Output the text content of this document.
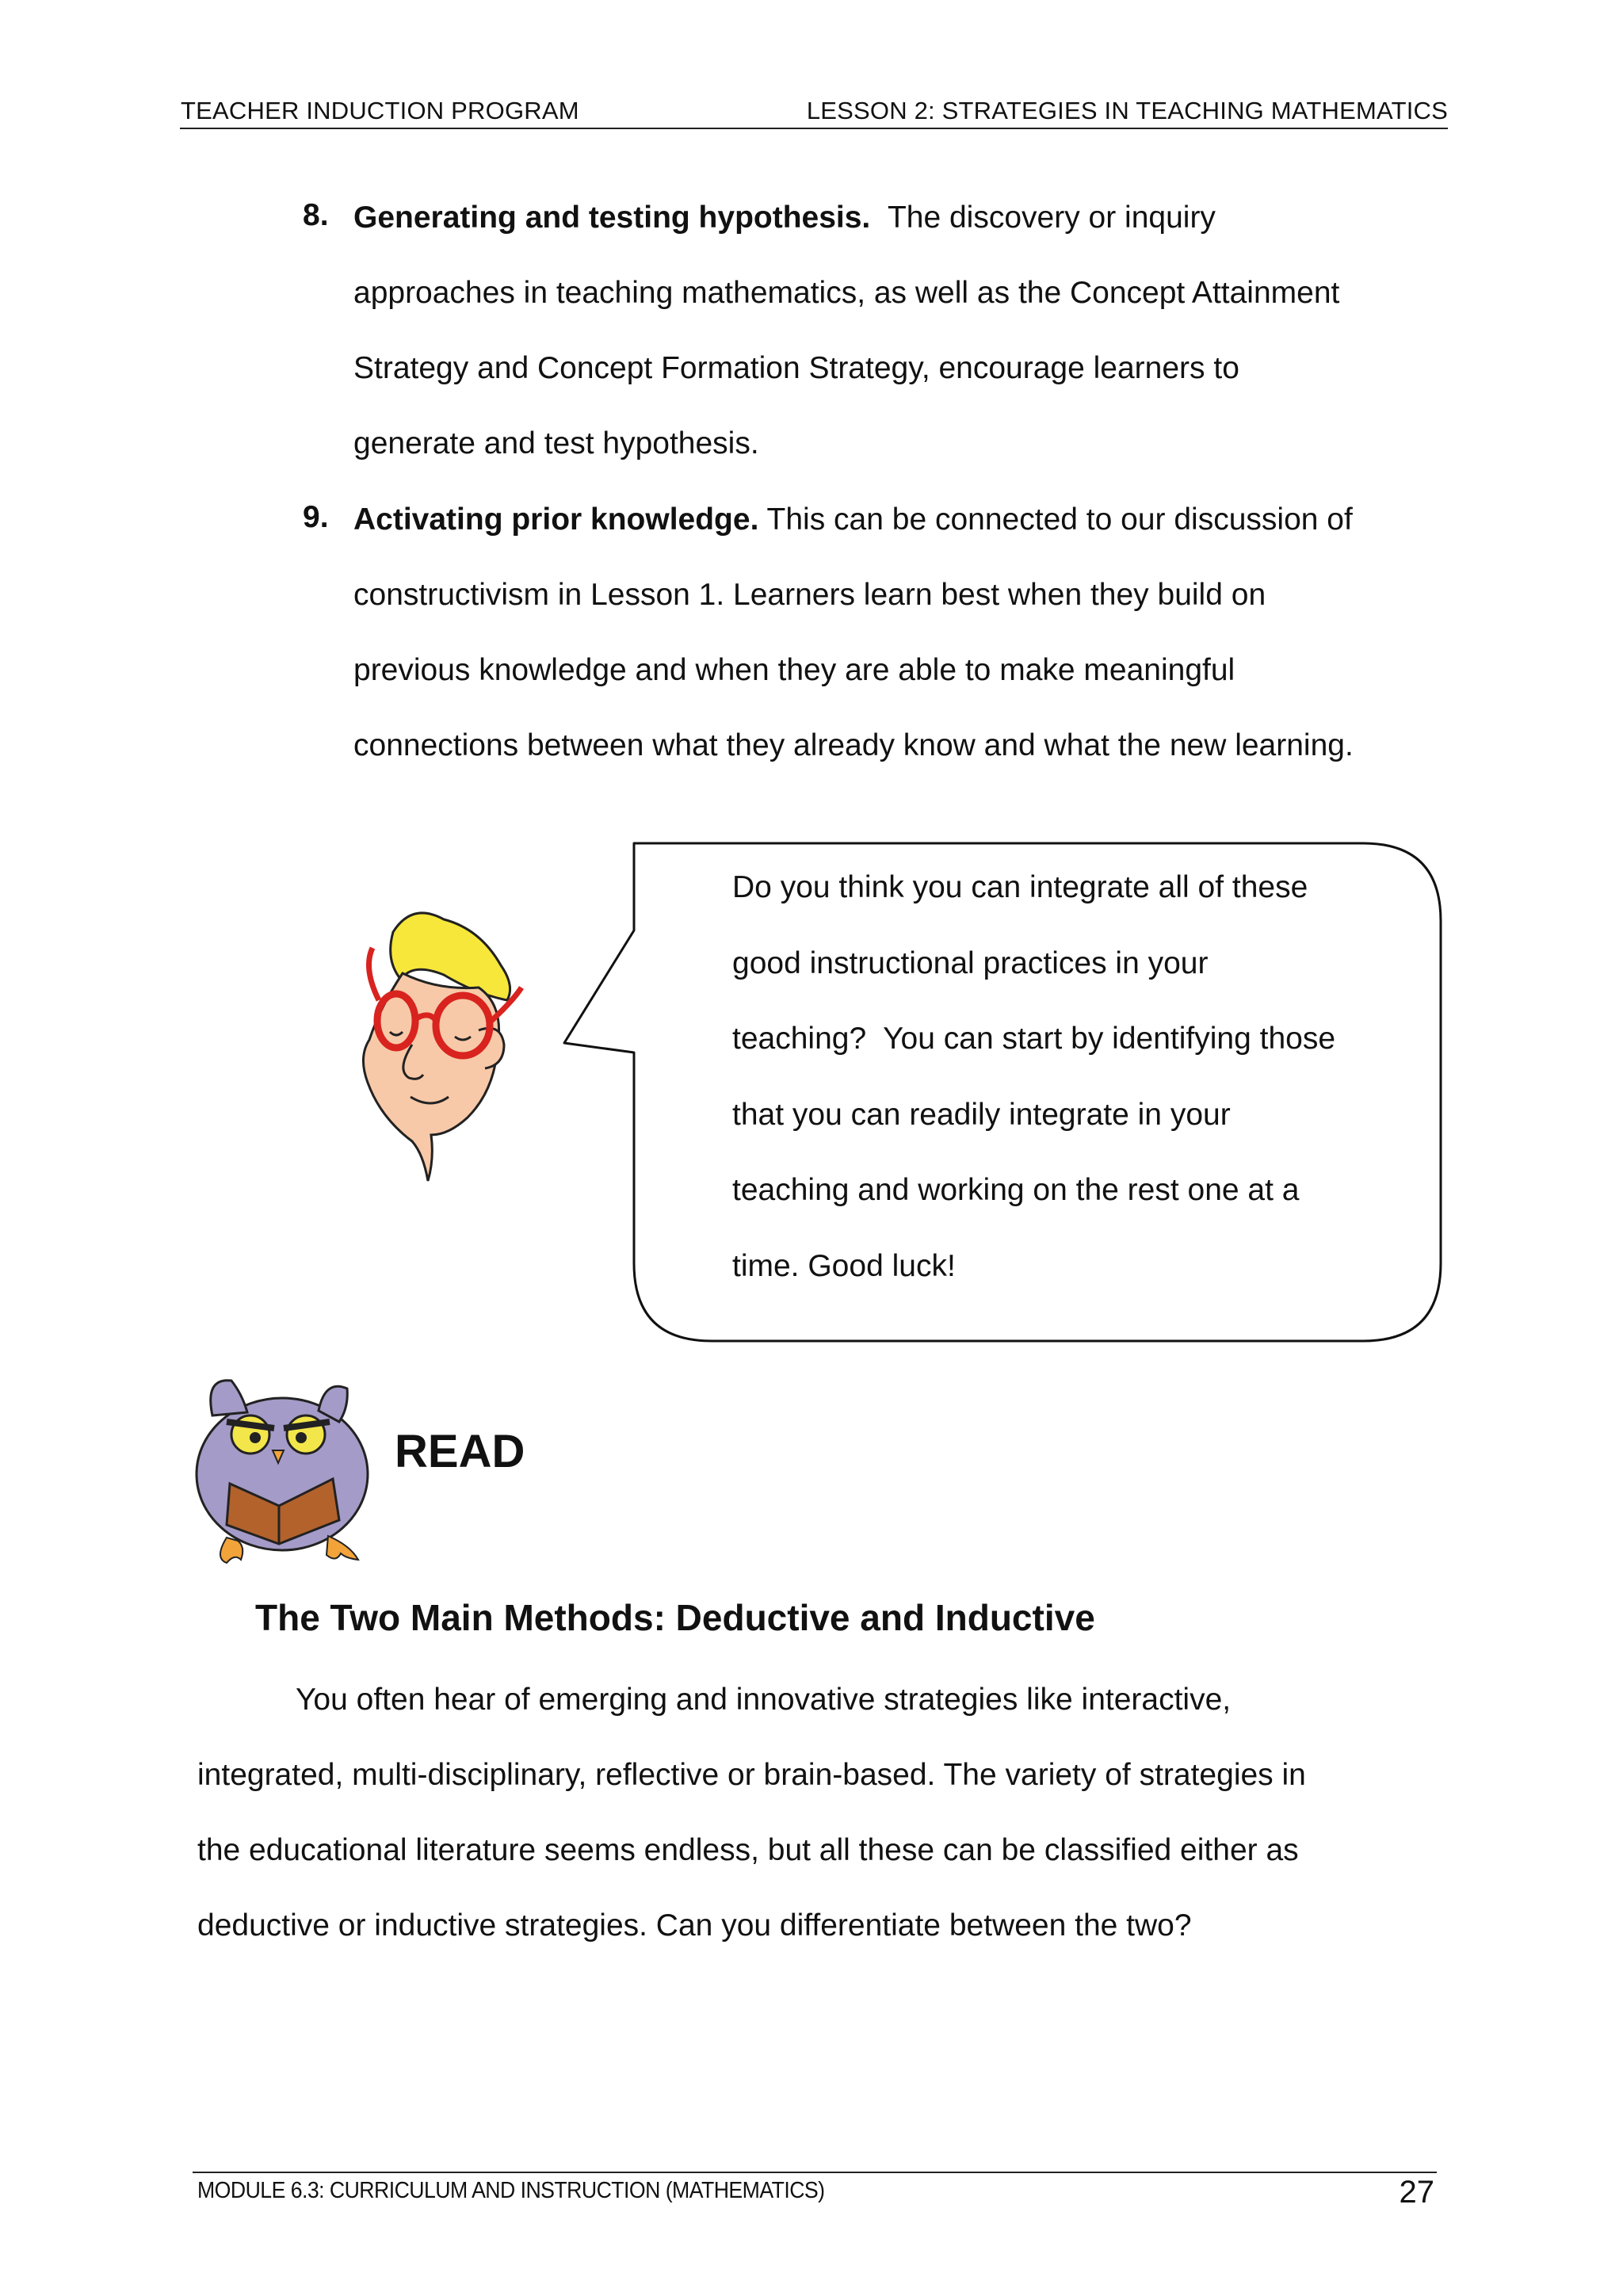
TEACHER INDUCTION PROGRAM	LESSON 2: STRATEGIES IN TEACHING MATHEMATICS
8. Generating and testing hypothesis. The discovery or inquiry
approaches in teaching mathematics, as well as the Concept Attainment
Strategy and Concept Formation Strategy, encourage learners to
generate and test hypothesis.
9. Activating prior knowledge. This can be connected to our discussion of
constructivism in Lesson 1. Learners learn best when they build on
previous knowledge and when they are able to make meaningful
connections between what they already know and what the new learning.
Do you think you can integrate all of these
good instructional practices in your
teaching?  You can start by identifying those
that you can readily integrate in your
teaching and working on the rest one at a
time. Good luck!
READ
The Two Main Methods: Deductive and Inductive
You often hear of emerging and innovative strategies like interactive,
integrated, multi-disciplinary, reflective or brain-based. The variety of strategies in
the educational literature seems endless, but all these can be classified either as
deductive or inductive strategies. Can you differentiate between the two?
MODULE 6.3: CURRICULUM AND INSTRUCTION (MATHEMATICS)	27
